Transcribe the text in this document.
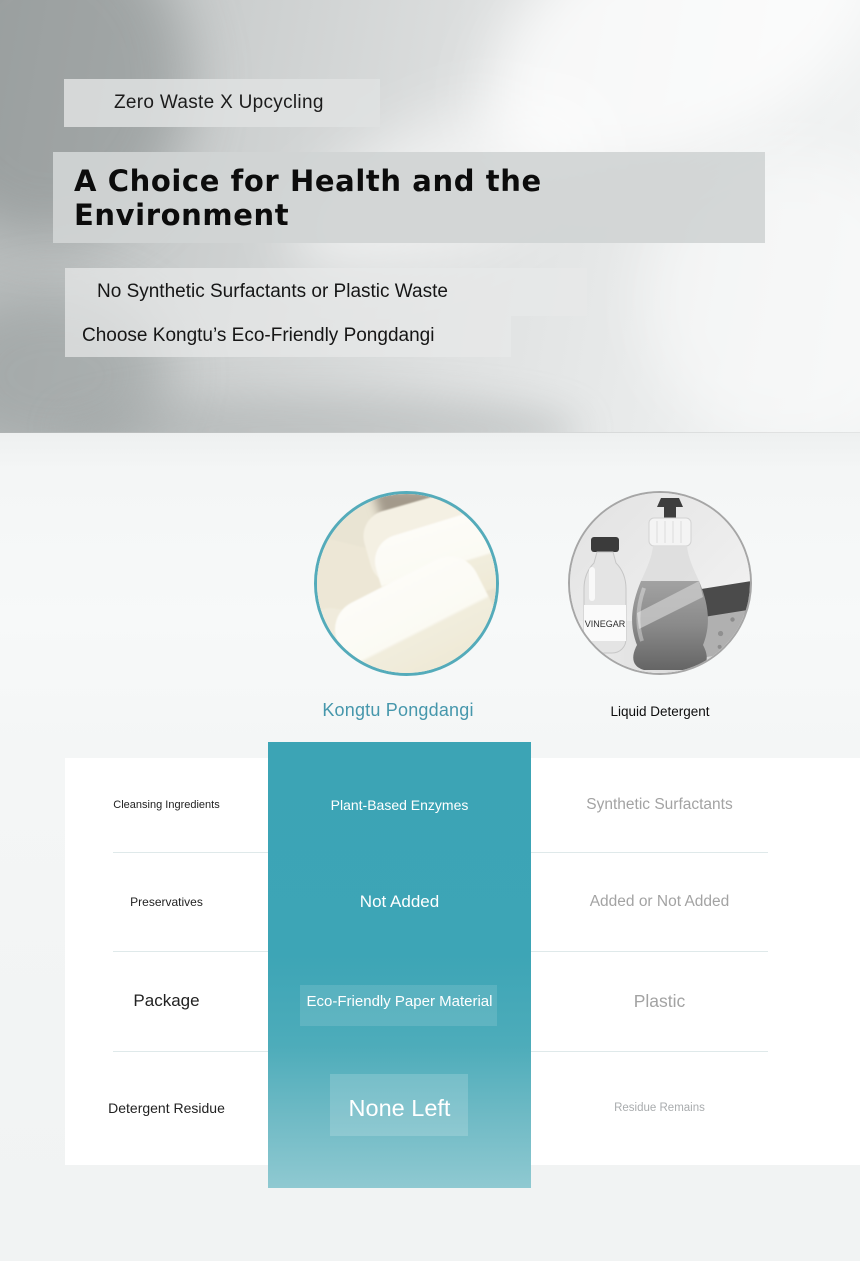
Zero Waste X Upcycling
A Choice for Health and the Environment
No Synthetic Surfactants or Plastic Waste
Choose Kongtu’s Eco-Friendly Pongdangi
VINEGAR
Kongtu Pongdangi	Liquid Detergent
Cleansing Ingredients	Plant-Based Enzymes	Synthetic Surfactants
Preservatives	Not Added	Added or Not Added
Package	Eco-Friendly Paper Material	Plastic
Detergent Residue	None Left	Residue Remains
